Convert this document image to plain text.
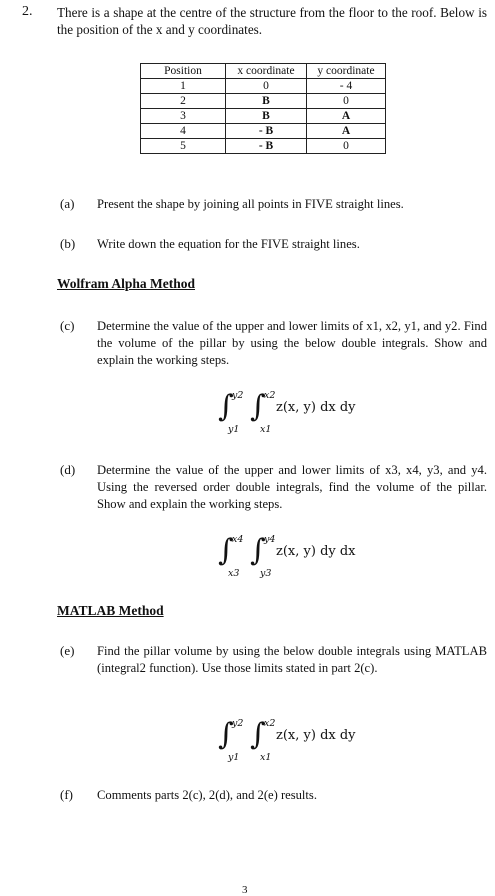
2. There is a shape at the centre of the structure from the floor to the roof. Below is the position of the x and y coordinates.
Position	x coordinate	y coordinate
1	0	- 4
2	B	0
3	B	A
4	- B	A
5	- B	0
(a) Present the shape by joining all points in FIVE straight lines.
(b) Write down the equation for the FIVE straight lines.
Wolfram Alpha Method
(c) Determine the value of the upper and lower limits of x1, x2, y1, and y2. Find the volume of the pillar by using the below double integrals. Show and explain the working steps.
∫
y2
y1
∫
x2
x1
z(x, y) dx dy
(d) Determine the value of the upper and lower limits of x3, x4, y3, and y4. Using the reversed order double integrals, find the volume of the pillar. Show and explain the working steps.
∫
x4
x3
∫
y4
y3
z(x, y) dy dx
MATLAB Method
(e) Find the pillar volume by using the below double integrals using MATLAB (integral2 function). Use those limits stated in part 2(c).
∫
y2
y1
∫
x2
x1
z(x, y) dx dy
(f) Comments parts 2(c), 2(d), and 2(e) results.
3
